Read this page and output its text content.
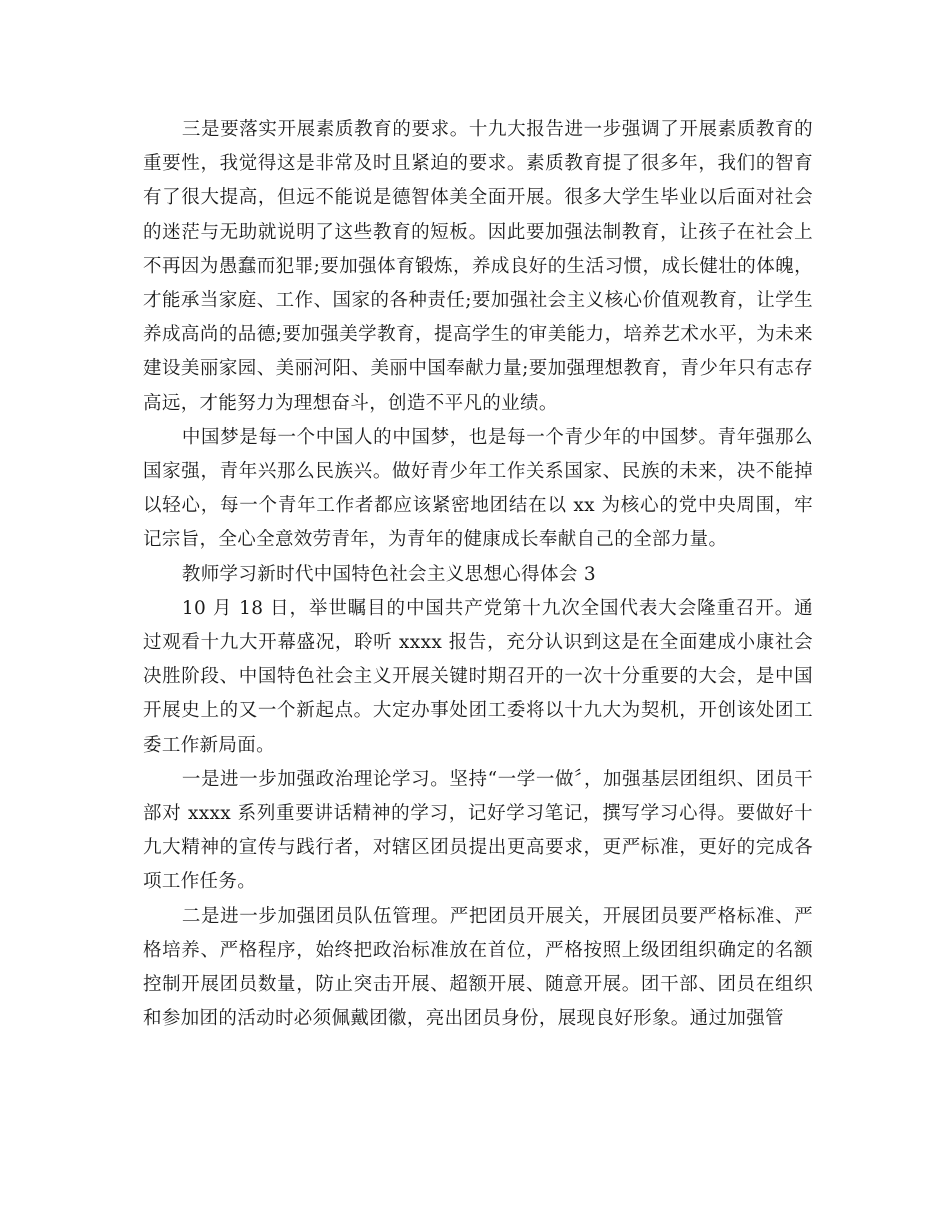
三是要落实开展素质教育的要求。十九大报告进一步强调了开展素质教育的重要性，我觉得这是非常及时且紧迫的要求。素质教育提了很多年，我们的智育有了很大提高，但远不能说是德智体美全面开展。很多大学生毕业以后面对社会的迷茫与无助就说明了这些教育的短板。因此要加强法制教育，让孩子在社会上不再因为愚蠢而犯罪;要加强体育锻炼，养成良好的生活习惯，成长健壮的体魄，才能承当家庭、工作、国家的各种责任;要加强社会主义核心价值观教育，让学生养成高尚的品德;要加强美学教育，提高学生的审美能力，培养艺术水平，为未来建设美丽家园、美丽河阳、美丽中国奉献力量;要加强理想教育，青少年只有志存高远，才能努力为理想奋斗，创造不平凡的业绩。

中国梦是每一个中国人的中国梦，也是每一个青少年的中国梦。青年强那么国家强，青年兴那么民族兴。做好青少年工作关系国家、民族的未来，决不能掉以轻心，每一个青年工作者都应该紧密地团结在以 xx 为核心的党中央周围，牢记宗旨，全心全意效劳青年，为青年的健康成长奉献自己的全部力量。

教师学习新时代中国特色社会主义思想心得体会 3

10 月 18 日，举世瞩目的中国共产党第十九次全国代表大会隆重召开。通过观看十九大开幕盛况，聆听 xxxx 报告，充分认识到这是在全面建成小康社会决胜阶段、中国特色社会主义开展关键时期召开的一次十分重要的大会，是中国开展史上的又一个新起点。大定办事处团工委将以十九大为契机，开创该处团工委工作新局面。

一是进一步加强政治理论学习。坚持“一学一做〞，加强基层团组织、团员干部对 xxxx 系列重要讲话精神的学习，记好学习笔记，撰写学习心得。要做好十九大精神的宣传与践行者，对辖区团员提出更高要求，更严标准，更好的完成各项工作任务。

二是进一步加强团员队伍管理。严把团员开展关，开展团员要严格标准、严格培养、严格程序，始终把政治标准放在首位，严格按照上级团组织确定的名额控制开展团员数量，防止突击开展、超额开展、随意开展。团干部、团员在组织和参加团的活动时必须佩戴团徽，亮出团员身份，展现良好形象。通过加强管
